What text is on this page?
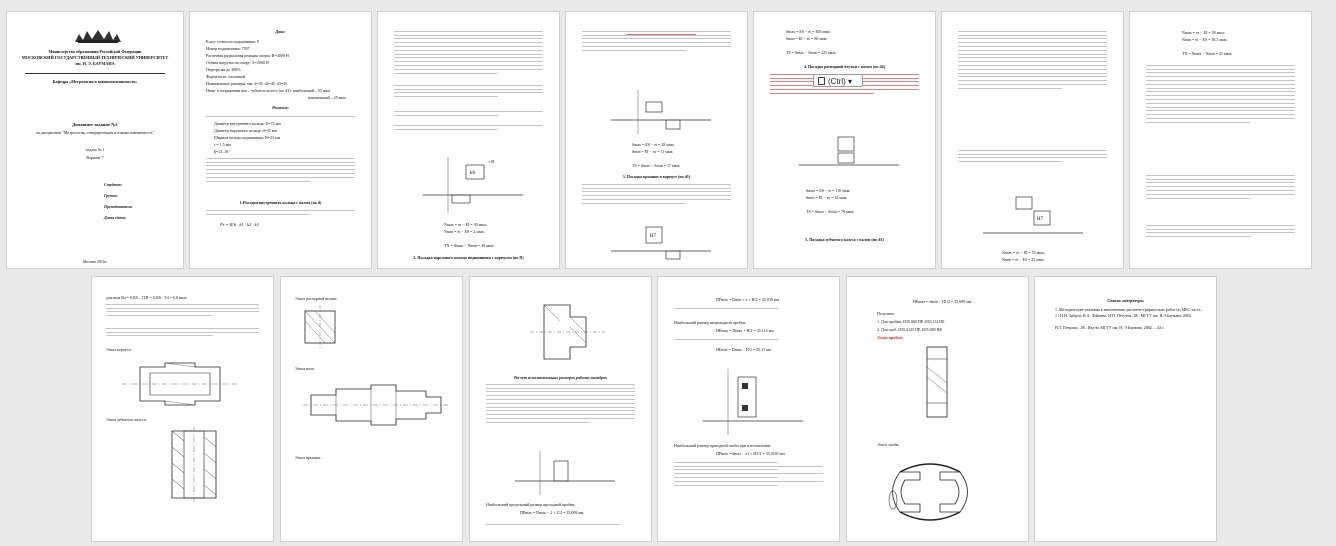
Министерство образования Российской Федерации
МОСКОВСКИЙ ГОСУДАРСТВЕННЫЙ ТЕХНИЧЕСКИЙ УНИВЕРСИТЕТ им. Н. Э. БАУМАНА
Кафедра «Метрология и взаимозаменяемость»
Домашнее задание №1
по дисциплине "Метрология, стандартизация и взаимозаменяемость"
Задача № 1
Вариант 7
Студент:
Группа:
Преподаватель:
Дата сдачи:
Москва 2016г.
Дано:
Класс точности подшипника: 0
Номер подшипника: 7507
Расчетная радиальная реакция опоры: R=4000 Н
Осевая нагрузка на опору: A=2000 Н
Перегрузка до 300%
Форма вала: сплошной
Номинальные размеры, мм: d=35, d2=45, d3=45
Натяг в сопряжении вал – зубчатое колесо (по d3): наибольший – 55 мкм
наименьший – 25 мкм
Решение:
Диаметр внутреннего кольца: D=72 мм
Диаметр наружного кольца: d=35 мм
Ширина кольца подшипника: B=23 мм
r = 1,5 мм
β=12..16°
1.Посадка внутреннего кольца с валом (по d)
Pr = R/b · k1 · k2 · k3
k6
+18
Nmax = es − EI = 30 мкм;
Nmin = ei − ES = 2 мкм;
TN = Nmax − Nmin = 28 мкм;
2. Посадка наружного кольца подшипника с корпусом (по D)
Smax = ES − ei = 28 мкм;
Smin = EI − es = 11 мкм;
TS = Smax − Smin = 17 мкм;
3. Посадка крышки в корпусе (по d1)
H7
Smax = ES − ei = 305 мкм;
Smin = EI − es = 80 мкм;
TS = Smax − Smin = 225 мкм;
4. Посадка распорной втулки с валом (по d2)
Smax = ES − ei = 110 мкм;
Smin = EI − es = 32 мкм;
TS = Smax − Smin = 78 мкм;
5. Посадка зубчатого колеса с валом (по d3)
(Ctrl) ▾
H7
Nmax = es − EI = 55 мкм;
Nmin = ei − ES = 25 мкм;
Nmax = es − EI = 58 мкм;
Nmin = ei − ES = 38,5 мкм;
TN = Nmax − Nmin = 41 мкм;
для вала Ra = 0,8/0 – ITR = 0,8/6 · Td = 0,8 мкм;
Эскиз корпуса:
Эскиз зубчатого колеса:
Эскиз распорной втулки:
Эскиз вала:
Эскиз крышки:
Расчет исполнительных размеров рабочих калибров
Наибольший предельный размер проходной пробки:
ПРmax = Dmax − 2 + Z/2 = 35,009 мм
ПРmax = Dmin + z + H/2 = 35,039 мм
Наибольший размер непроходной пробки:
НЕmax = Dmax + H/2 = 35,114 мм
НЕmin = Dmax − H/2 = 35,11 мм
Наибольший размер проходной скобы при изготовлении:
ПРmax = dmax − z1 + H1/2 = 35,0185 мм
НЕmax = dmin − H1/2 = 35,009 мм
Получено:
1. Для пробки: Ø35,060 ПР, Ø35,114 НЕ
2. Для скоб: Ø35,0125 ПР, Ø35,009 НЕ
Эскиз пробки:
Эскиз скобы:
Список литературы
1. Методические указания к выполнению расчетно-графических работ по МВС часть 1 / Н.Н. Зибров, В.А. Лейкина, Н.П. Петухов.–М.: МГТУ им. Н.Э.Баумана, 2002
Н.Т. Петрова; –М.: Изд-во МГТУ им. Н. Э.Баумана, 2002. – 44 с.
